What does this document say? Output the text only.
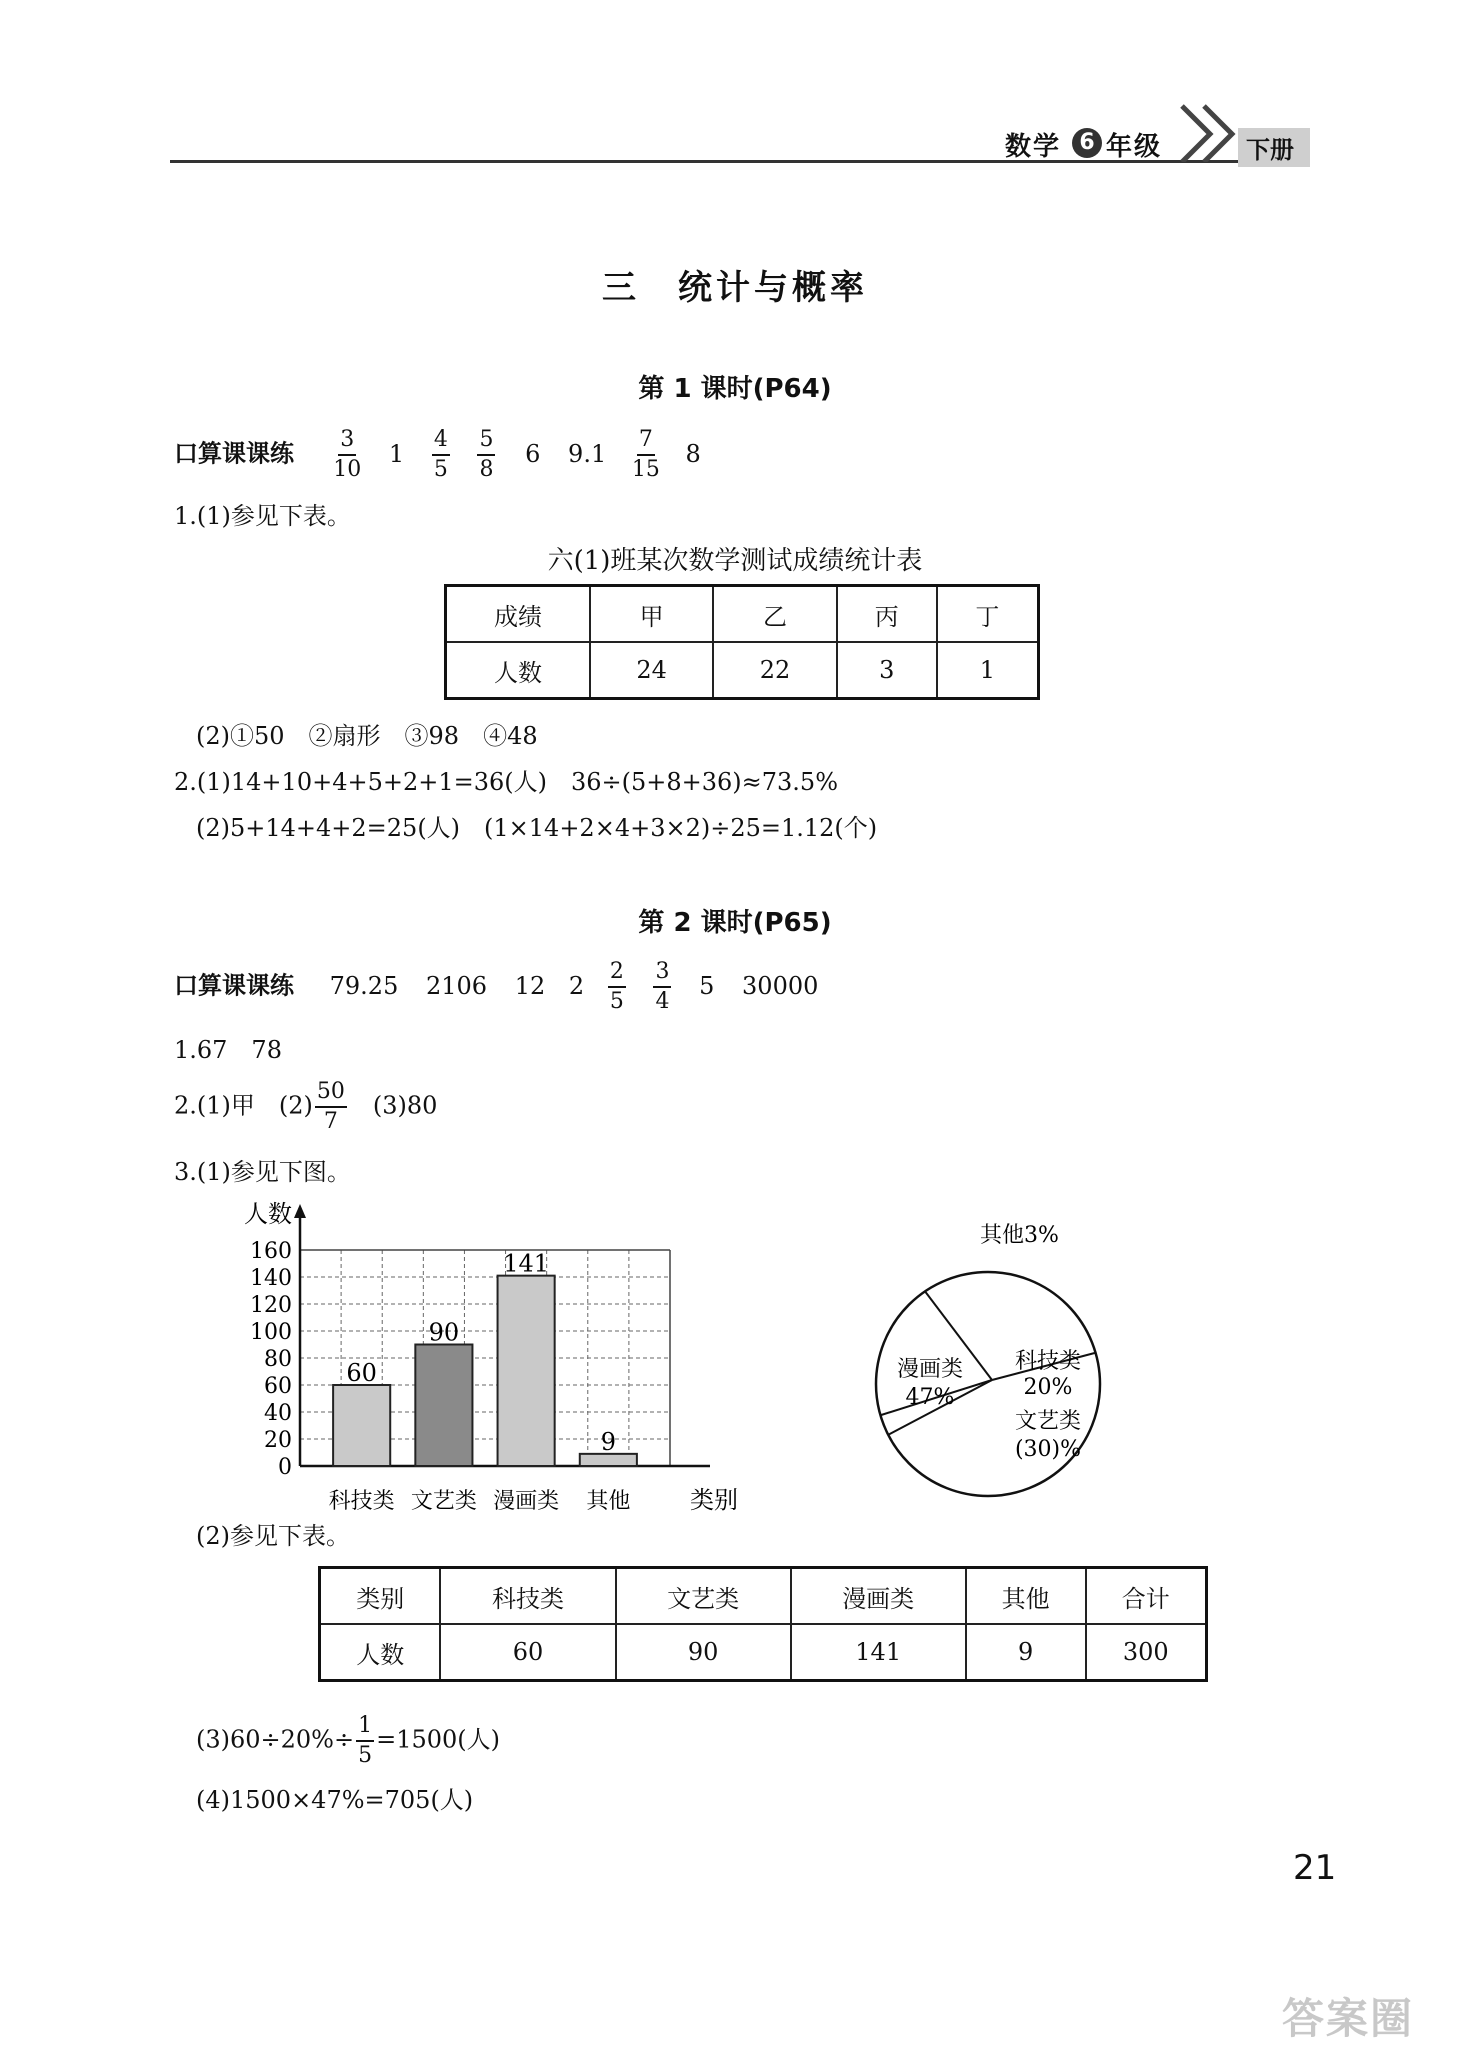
数学 6 年级	下册
三　统计与概率
第 1 课时(P64)
口算课课练 $\frac{3}{10} 1 \frac{4}{5}$
$\frac{5}{8} 6$ $9.1 \frac{7}{15} 8$
1.(1)参见下表。
六(1)班某次数学测试成绩统计表
成绩	甲	乙	丙	丁
人数	24	22	3	1
(2)①50　②扇形　③98　④48
2.(1)14+10+4+5+2+1=36(人)　36÷(5+8+36)≈73.5%
(2)5+14+4+2=25(人)　(1×14+2×4+3×2)÷25=1.12(个)
第 2 课时(P65)
口算课课练 79.25 2106 12 $2 \frac{2}{5}$
$\frac{3}{4} 5$ 30000
1.67　78
2.(1)甲　$(2) \frac{50}{7}$ 　(3)80
3.(1)参见下图。
0
20
40
60
80
100
120
140
160
人数
类别
60
科技类
90
文艺类
141
漫画类
9
其他
漫画类
47%
其他3%
科技类
20%
文艺类
(30)%
(2)参见下表。
类别	科技类	文艺类	漫画类	其他	合计
人数	60	90	141	9	300
$(3)60\div 20\%\div \frac{1}{5} =1500$(人)
(4)1500×47%=705(人)
21
答案圈
